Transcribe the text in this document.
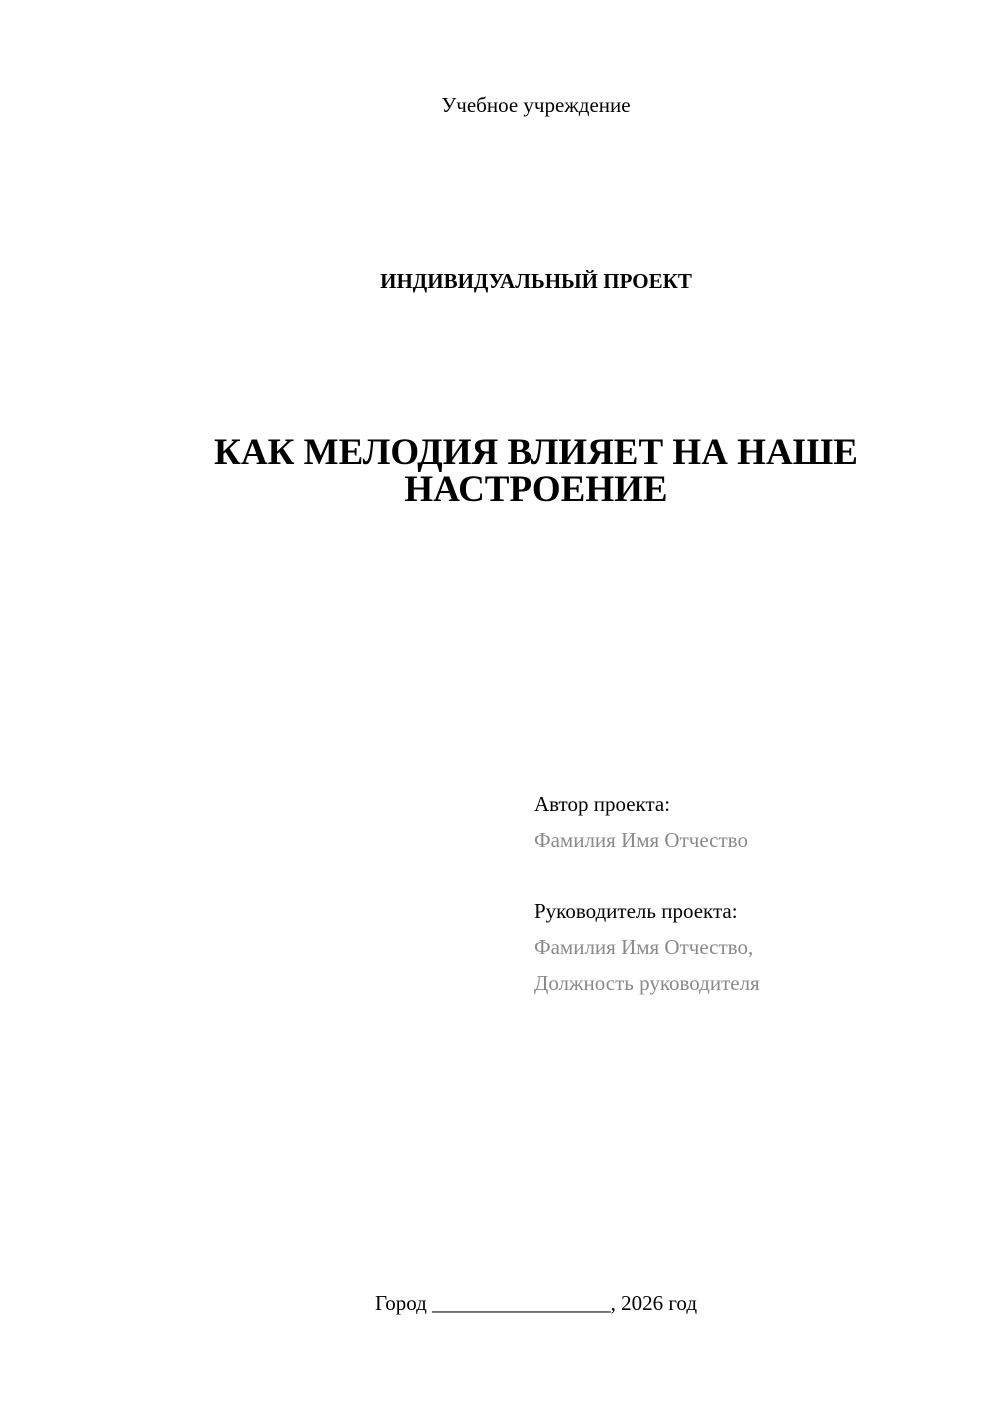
Учебное учреждение
ИНДИВИДУАЛЬНЫЙ ПРОЕКТ
КАК МЕЛОДИЯ ВЛИЯЕТ НА НАШЕ
НАСТРОЕНИЕ
Автор проекта:
Фамилия Имя Отчество
Руководитель проекта:
Фамилия Имя Отчество,
Должность руководителя
Город _________________, 2026 год
